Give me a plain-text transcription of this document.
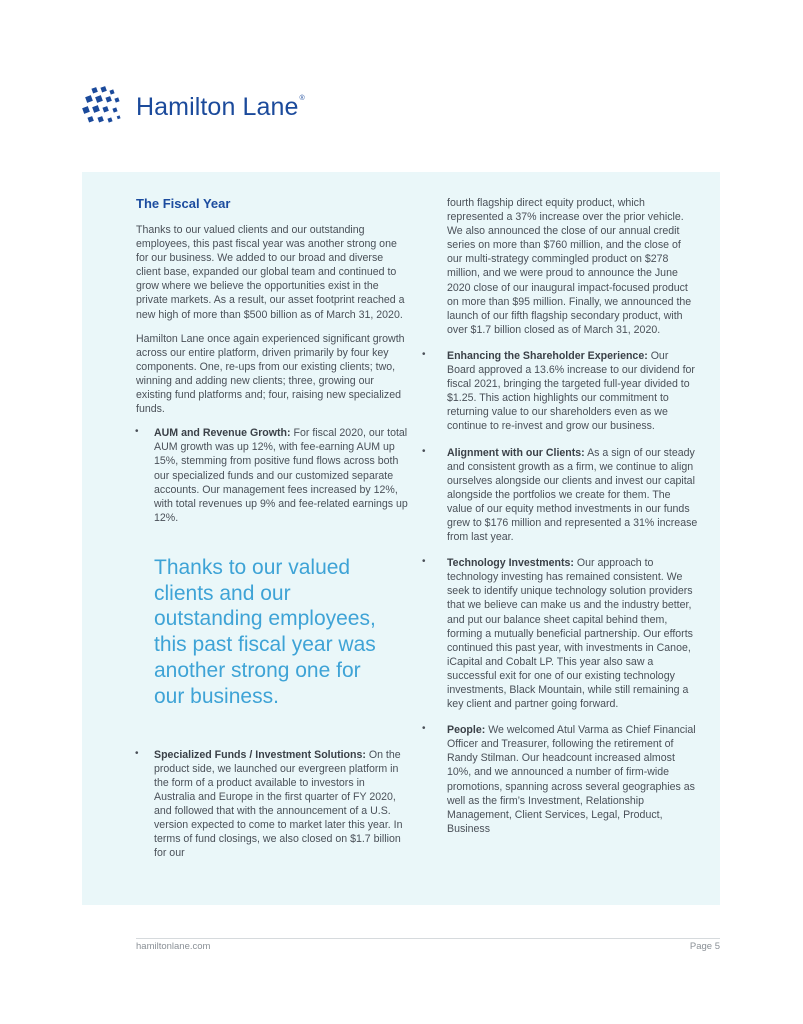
Hamilton Lane®
The Fiscal Year

Thanks to our valued clients and our outstanding employees, this past fiscal year was another strong one for our business. We added to our broad and diverse client base, expanded our global team and continued to grow where we believe the opportunities exist in the private markets. As a result, our asset footprint reached a new high of more than $500 billion as of March 31, 2020.

Hamilton Lane once again experienced significant growth across our entire platform, driven primarily by four key components. One, re-ups from our existing clients; two, winning and adding new clients; three, growing our existing fund platforms and; four, raising new specialized funds.

• AUM and Revenue Growth: For fiscal 2020, our total AUM growth was up 12%, with fee-earning AUM up 15%, stemming from positive fund flows across both our specialized funds and our customized separate accounts. Our management fees increased by 12%, with total revenues up 9% and fee-related earnings up 12%.

Thanks to our valued clients and our outstanding employees, this past fiscal year was another strong one for our business.

• Specialized Funds / Investment Solutions: On the product side, we launched our evergreen platform in the form of a product available to investors in Australia and Europe in the first quarter of FY 2020, and followed that with the announcement of a U.S. version expected to come to market later this year. In terms of fund closings, we also closed on $1.7 billion for our

fourth flagship direct equity product, which represented a 37% increase over the prior vehicle. We also announced the close of our annual credit series on more than $760 million, and the close of our multi-strategy commingled product on $278 million, and we were proud to announce the June 2020 close of our inaugural impact-focused product on more than $95 million. Finally, we announced the launch of our fifth flagship secondary product, with over $1.7 billion closed as of March 31, 2020.

• Enhancing the Shareholder Experience: Our Board approved a 13.6% increase to our dividend for fiscal 2021, bringing the targeted full-year divided to $1.25. This action highlights our commitment to returning value to our shareholders even as we continue to re-invest and grow our business.

• Alignment with our Clients: As a sign of our steady and consistent growth as a firm, we continue to align ourselves alongside our clients and invest our capital alongside the portfolios we create for them. The value of our equity method investments in our funds grew to $176 million and represented a 31% increase from last year.

• Technology Investments: Our approach to technology investing has remained consistent. We seek to identify unique technology solution providers that we believe can make us and the industry better, and put our balance sheet capital behind them, forming a mutually beneficial partnership. Our efforts continued this past year, with investments in Canoe, iCapital and Cobalt LP. This year also saw a successful exit for one of our existing technology investments, Black Mountain, while still remaining a key client and partner going forward.

• People: We welcomed Atul Varma as Chief Financial Officer and Treasurer, following the retirement of Randy Stilman. Our headcount increased almost 10%, and we announced a number of firm-wide promotions, spanning across several geographies as well as the firm’s Investment, Relationship Management, Client Services, Legal, Product, Business

hamiltonlane.com	Page 5
